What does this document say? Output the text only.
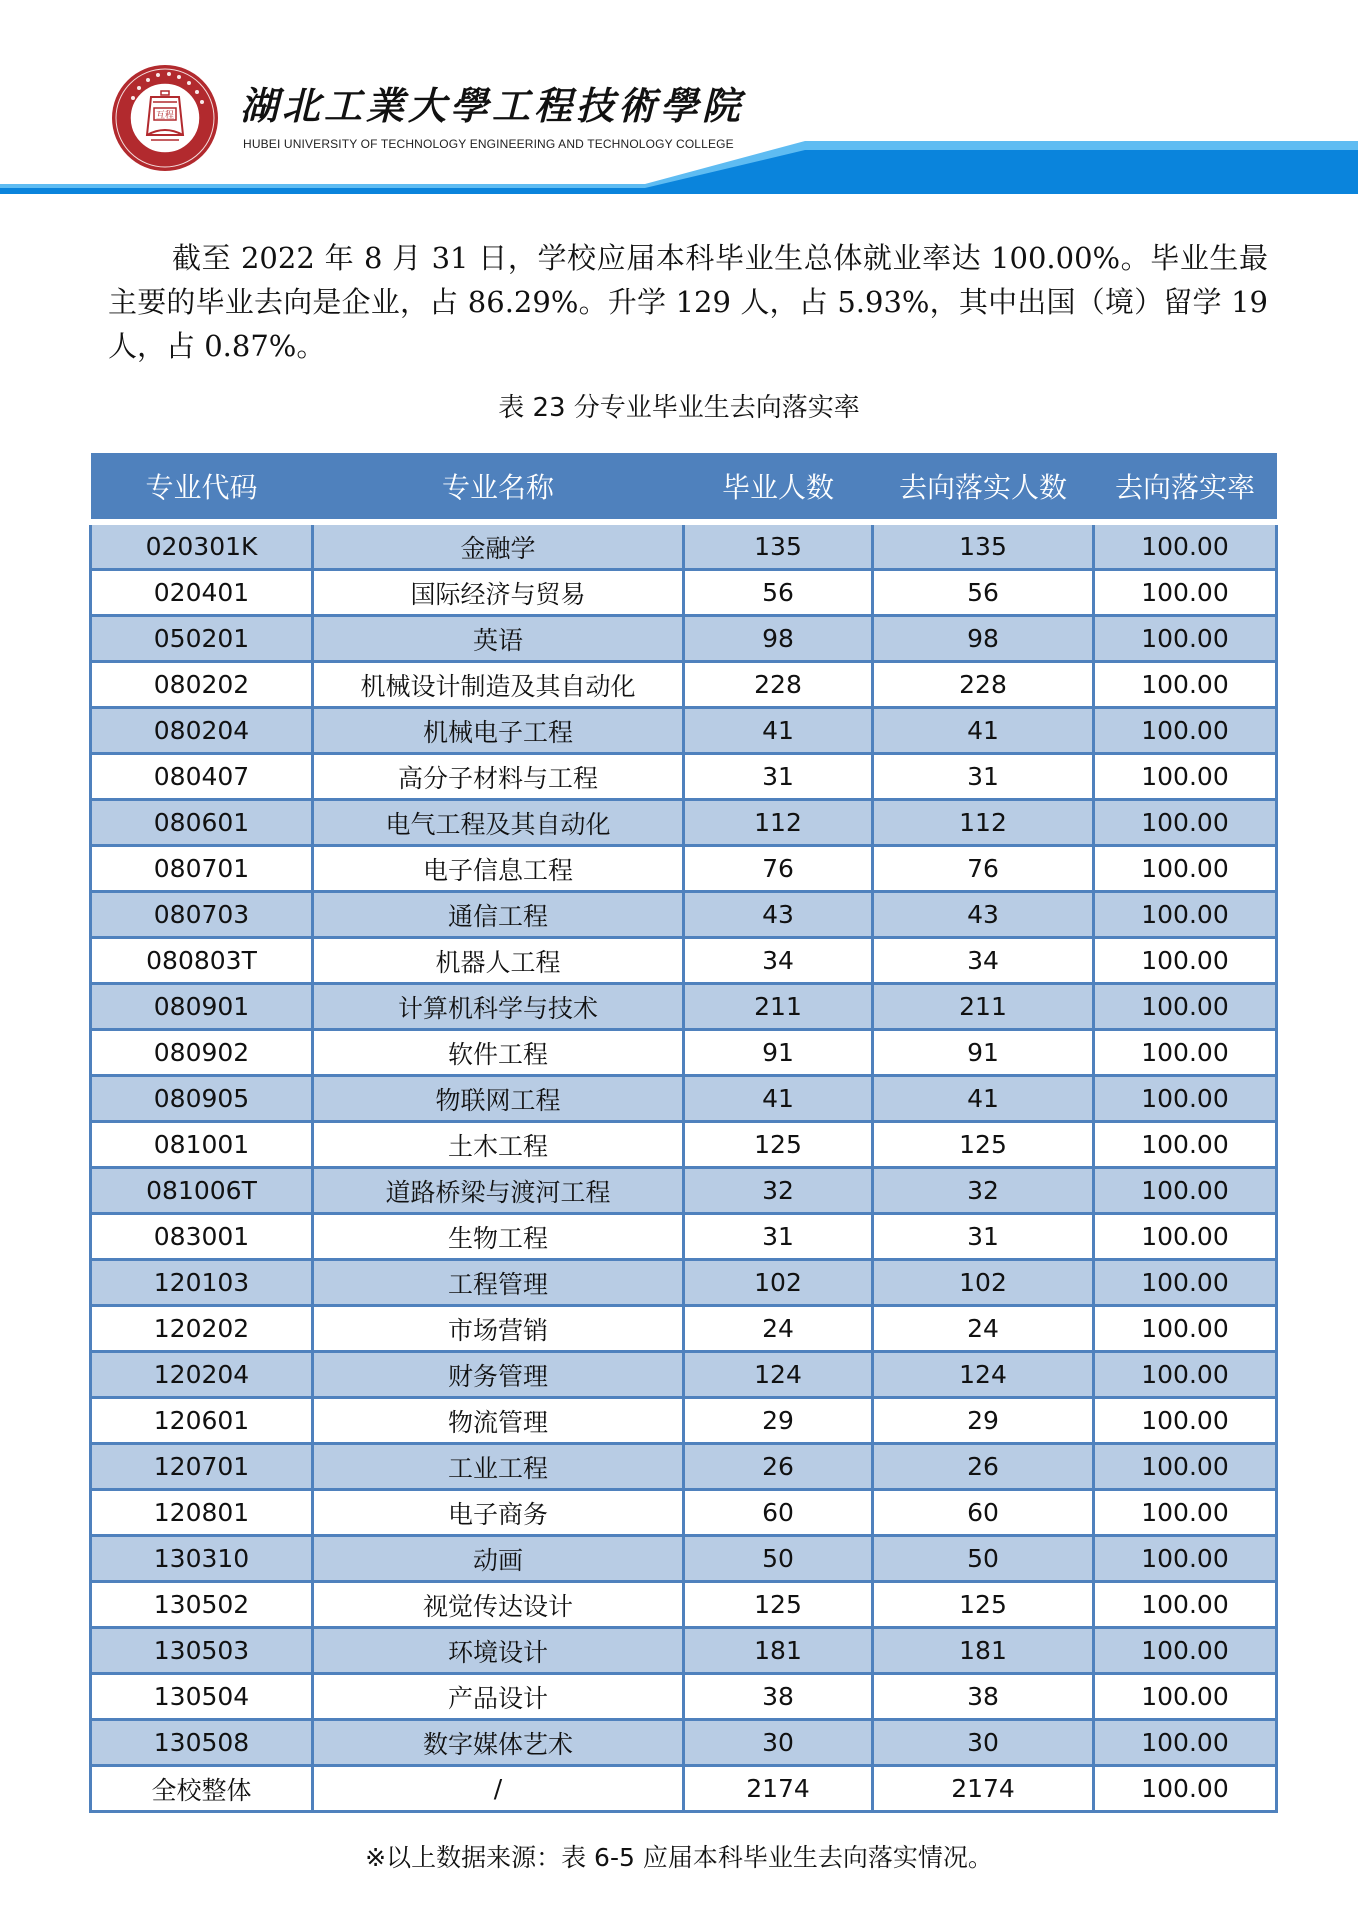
互程 湖北工業大學工程技術學院
HUBEI UNIVERSITY OF TECHNOLOGY ENGINEERING AND TECHNOLOGY COLLEGE

截至 2022 年 8 月 31 日，学校应届本科毕业生总体就业率达 100.00%。毕业生最主要的毕业去向是企业，占 86.29%。升学 129 人，占 5.93%，其中出国（境）留学 19 人，占 0.87%。

表 23 分专业毕业生去向落实率
专业代码	专业名称	毕业人数	去向落实人数	去向落实率
020301K	金融学	135	135	100.00
020401	国际经济与贸易	56	56	100.00
050201	英语	98	98	100.00
080202	机械设计制造及其自动化	228	228	100.00
080204	机械电子工程	41	41	100.00
080407	高分子材料与工程	31	31	100.00
080601	电气工程及其自动化	112	112	100.00
080701	电子信息工程	76	76	100.00
080703	通信工程	43	43	100.00
080803T	机器人工程	34	34	100.00
080901	计算机科学与技术	211	211	100.00
080902	软件工程	91	91	100.00
080905	物联网工程	41	41	100.00
081001	土木工程	125	125	100.00
081006T	道路桥梁与渡河工程	32	32	100.00
083001	生物工程	31	31	100.00
120103	工程管理	102	102	100.00
120202	市场营销	24	24	100.00
120204	财务管理	124	124	100.00
120601	物流管理	29	29	100.00
120701	工业工程	26	26	100.00
120801	电子商务	60	60	100.00
130310	动画	50	50	100.00
130502	视觉传达设计	125	125	100.00
130503	环境设计	181	181	100.00
130504	产品设计	38	38	100.00
130508	数字媒体艺术	30	30	100.00
全校整体	/	2174	2174	100.00
※以上数据来源：表 6-5 应届本科毕业生去向落实情况。
